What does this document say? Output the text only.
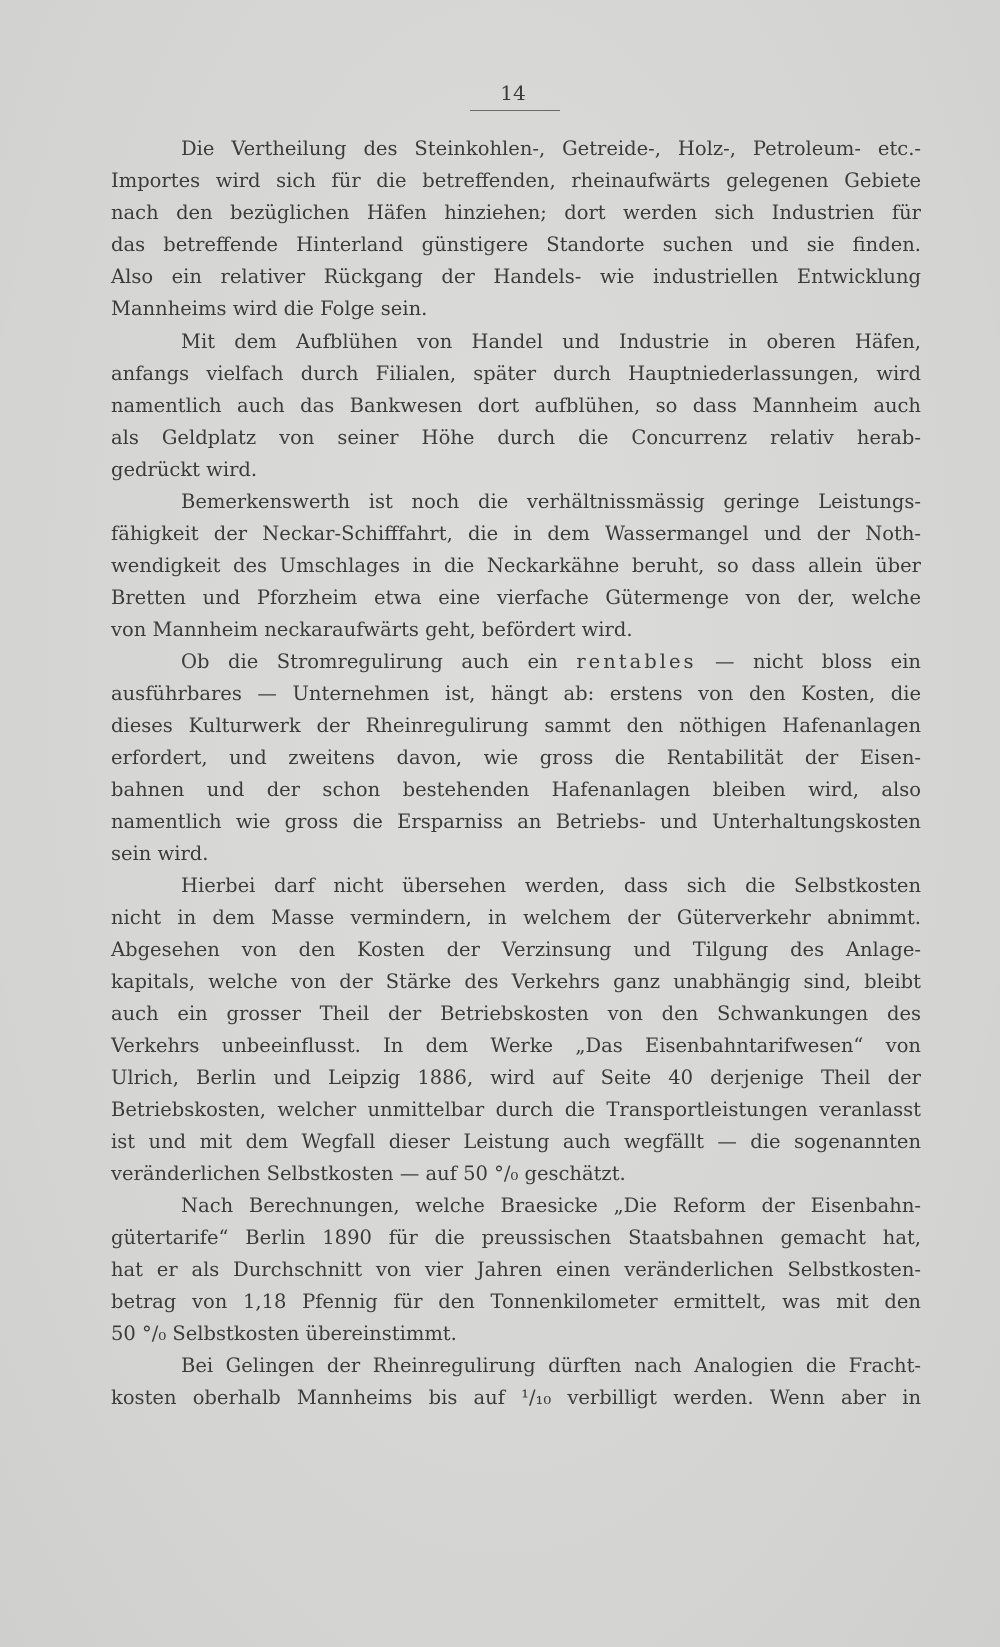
14
Die Vertheilung des Steinkohlen-, Getreide-, Holz-, Petroleum- etc.-
Importes wird sich für die betreffenden, rheinaufwärts gelegenen Gebiete
nach den bezüglichen Häfen hinziehen; dort werden sich Industrien für
das betreffende Hinterland günstigere Standorte suchen und sie finden.
Also ein relativer Rückgang der Handels- wie industriellen Entwicklung
Mannheims wird die Folge sein.
Mit dem Aufblühen von Handel und Industrie in oberen Häfen,
anfangs vielfach durch Filialen, später durch Hauptniederlassungen, wird
namentlich auch das Bankwesen dort aufblühen, so dass Mannheim auch
als Geldplatz von seiner Höhe durch die Concurrenz relativ herab-
gedrückt wird.
Bemerkenswerth ist noch die verhältnissmässig geringe Leistungs-
fähigkeit der Neckar-Schifffahrt, die in dem Wassermangel und der Noth-
wendigkeit des Umschlages in die Neckarkähne beruht, so dass allein über
Bretten und Pforzheim etwa eine vierfache Gütermenge von der, welche
von Mannheim neckaraufwärts geht, befördert wird.
Ob die Stromregulirung auch ein rentables — nicht bloss ein
ausführbares — Unternehmen ist, hängt ab: erstens von den Kosten, die
dieses Kulturwerk der Rheinregulirung sammt den nöthigen Hafenanlagen
erfordert, und zweitens davon, wie gross die Rentabilität der Eisen-
bahnen und der schon bestehenden Hafenanlagen bleiben wird, also
namentlich wie gross die Ersparniss an Betriebs- und Unterhaltungskosten
sein wird.
Hierbei darf nicht übersehen werden, dass sich die Selbstkosten
nicht in dem Masse vermindern, in welchem der Güterverkehr abnimmt.
Abgesehen von den Kosten der Verzinsung und Tilgung des Anlage-
kapitals, welche von der Stärke des Verkehrs ganz unabhängig sind, bleibt
auch ein grosser Theil der Betriebskosten von den Schwankungen des
Verkehrs unbeeinflusst. In dem Werke „Das Eisenbahntarifwesen“ von
Ulrich, Berlin und Leipzig 1886, wird auf Seite 40 derjenige Theil der
Betriebskosten, welcher unmittelbar durch die Transportleistungen veranlasst
ist und mit dem Wegfall dieser Leistung auch wegfällt — die sogenannten
veränderlichen Selbstkosten — auf 50 °/₀ geschätzt.
Nach Berechnungen, welche Braesicke „Die Reform der Eisenbahn-
gütertarife“ Berlin 1890 für die preussischen Staatsbahnen gemacht hat,
hat er als Durchschnitt von vier Jahren einen veränderlichen Selbstkosten-
betrag von 1,18 Pfennig für den Tonnenkilometer ermittelt, was mit den
50 °/₀ Selbstkosten übereinstimmt.
Bei Gelingen der Rheinregulirung dürften nach Analogien die Fracht-
kosten oberhalb Mannheims bis auf ¹/₁₀ verbilligt werden. Wenn aber in
